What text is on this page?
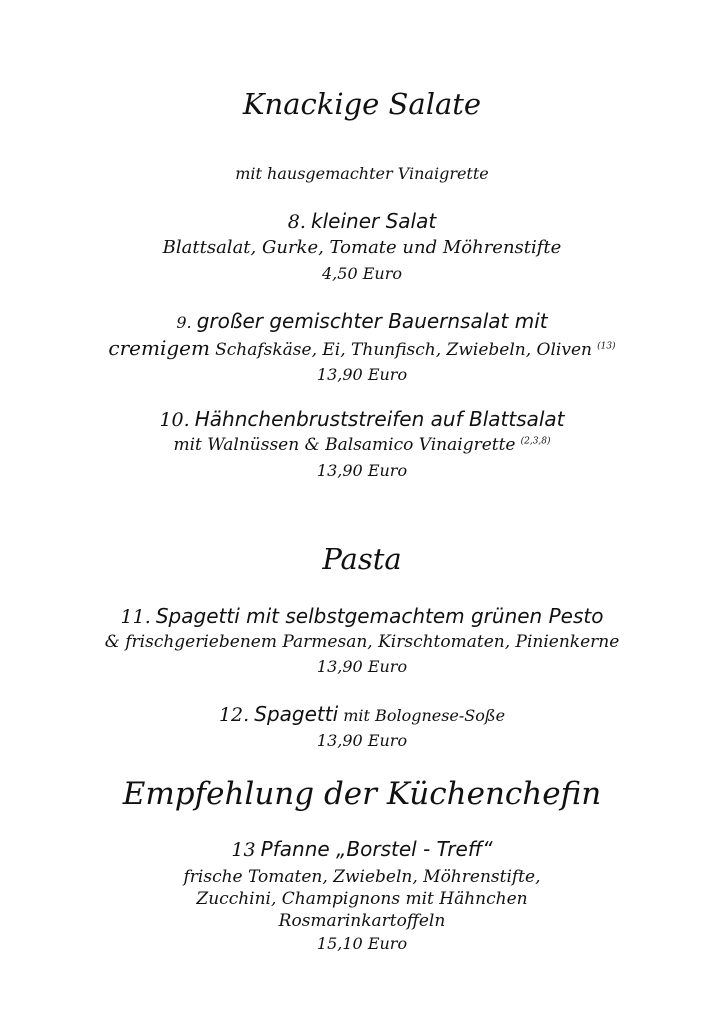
Knackige Salate
mit hausgemachter Vinaigrette
8. kleiner Salat
Blattsalat, Gurke, Tomate und Möhrenstifte
4,50 Euro
9. großer gemischter Bauernsalat mit
cremigem Schafskäse, Ei, Thunfisch, Zwiebeln, Oliven $^{(13)}$
13,90 Euro
10. Hähnchenbruststreifen auf Blattsalat
mit Walnüssen & Balsamico Vinaigrette $^{(2,3,8)}$
13,90 Euro
Pasta
11. Spagetti mit selbstgemachtem grünen Pesto
& frischgeriebenem Parmesan, Kirschtomaten, Pinienkerne
13,90 Euro
12. Spagetti mit Bolognese-Soße
13,90 Euro
Empfehlung der Küchenchefin
13 Pfanne „Borstel - Treff“
frische Tomaten, Zwiebeln, Möhrenstifte,
Zucchini, Champignons mit Hähnchen
Rosmarinkartoffeln
15,10 Euro
